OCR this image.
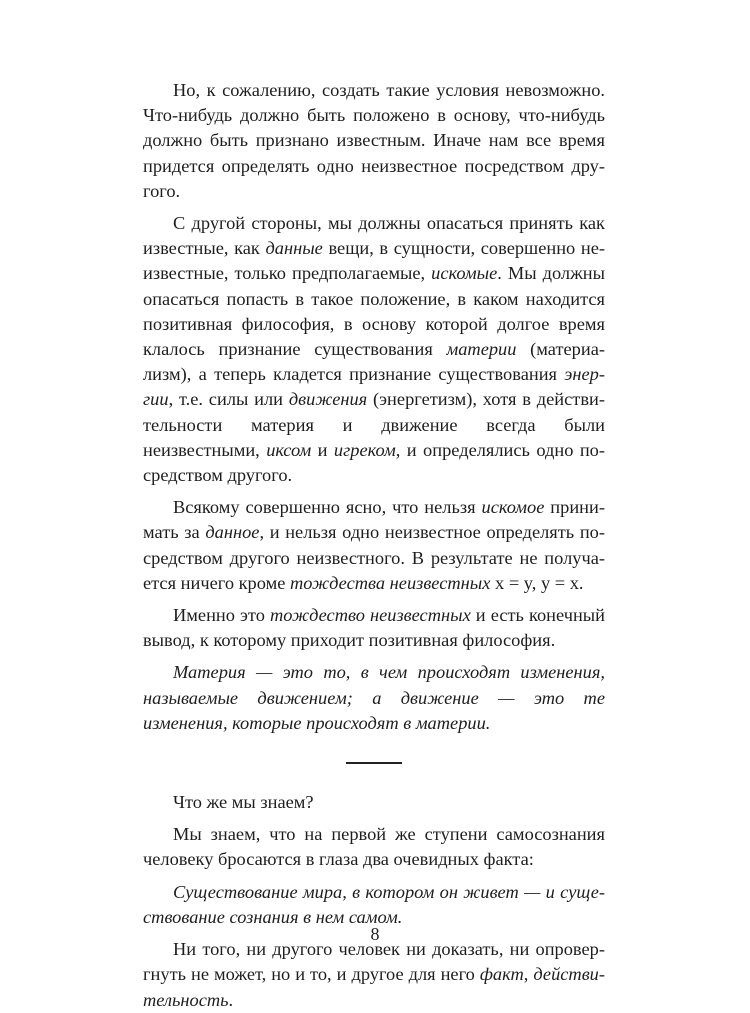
Но, к сожалению, создать такие условия невозможно. Что-нибудь должно быть положено в основу, что-нибудь должно быть признано известным. Иначе нам все время придется определять одно неизвестное посредством другого.

С другой стороны, мы должны опасаться принять как известные, как данные вещи, в сущности, совершенно неизвестные, только предполагаемые, искомые. Мы должны опасаться попасть в такое положение, в каком находится позитивная философия, в основу которой долгое время клалось признание существования материи (материализм), а теперь кладется признание существования энергии, т.е. силы или движения (энергетизм), хотя в действительности материя и движение всегда были неизвестными, иксом и игреком, и определялись одно посредством другого.

Всякому совершенно ясно, что нельзя искомое принимать за данное, и нельзя одно неизвестное определять посредством другого неизвестного. В результате не получается ничего кроме тождества неизвестных x = y, y = x.

Именно это тождество неизвестных и есть конечный вывод, к которому приходит позитивная философия.

Материя — это то, в чем происходят изменения, называемые движением; а движение — это те изменения, которые происходят в материи.

Что же мы знаем?

Мы знаем, что на первой же ступени самосознания человеку бросаются в глаза два очевидных факта:

Существование мира, в котором он живет — и существование сознания в нем самом.

Ни того, ни другого человек ни доказать, ни опровергнуть не может, но и то, и другое для него факт, действительность.

8
